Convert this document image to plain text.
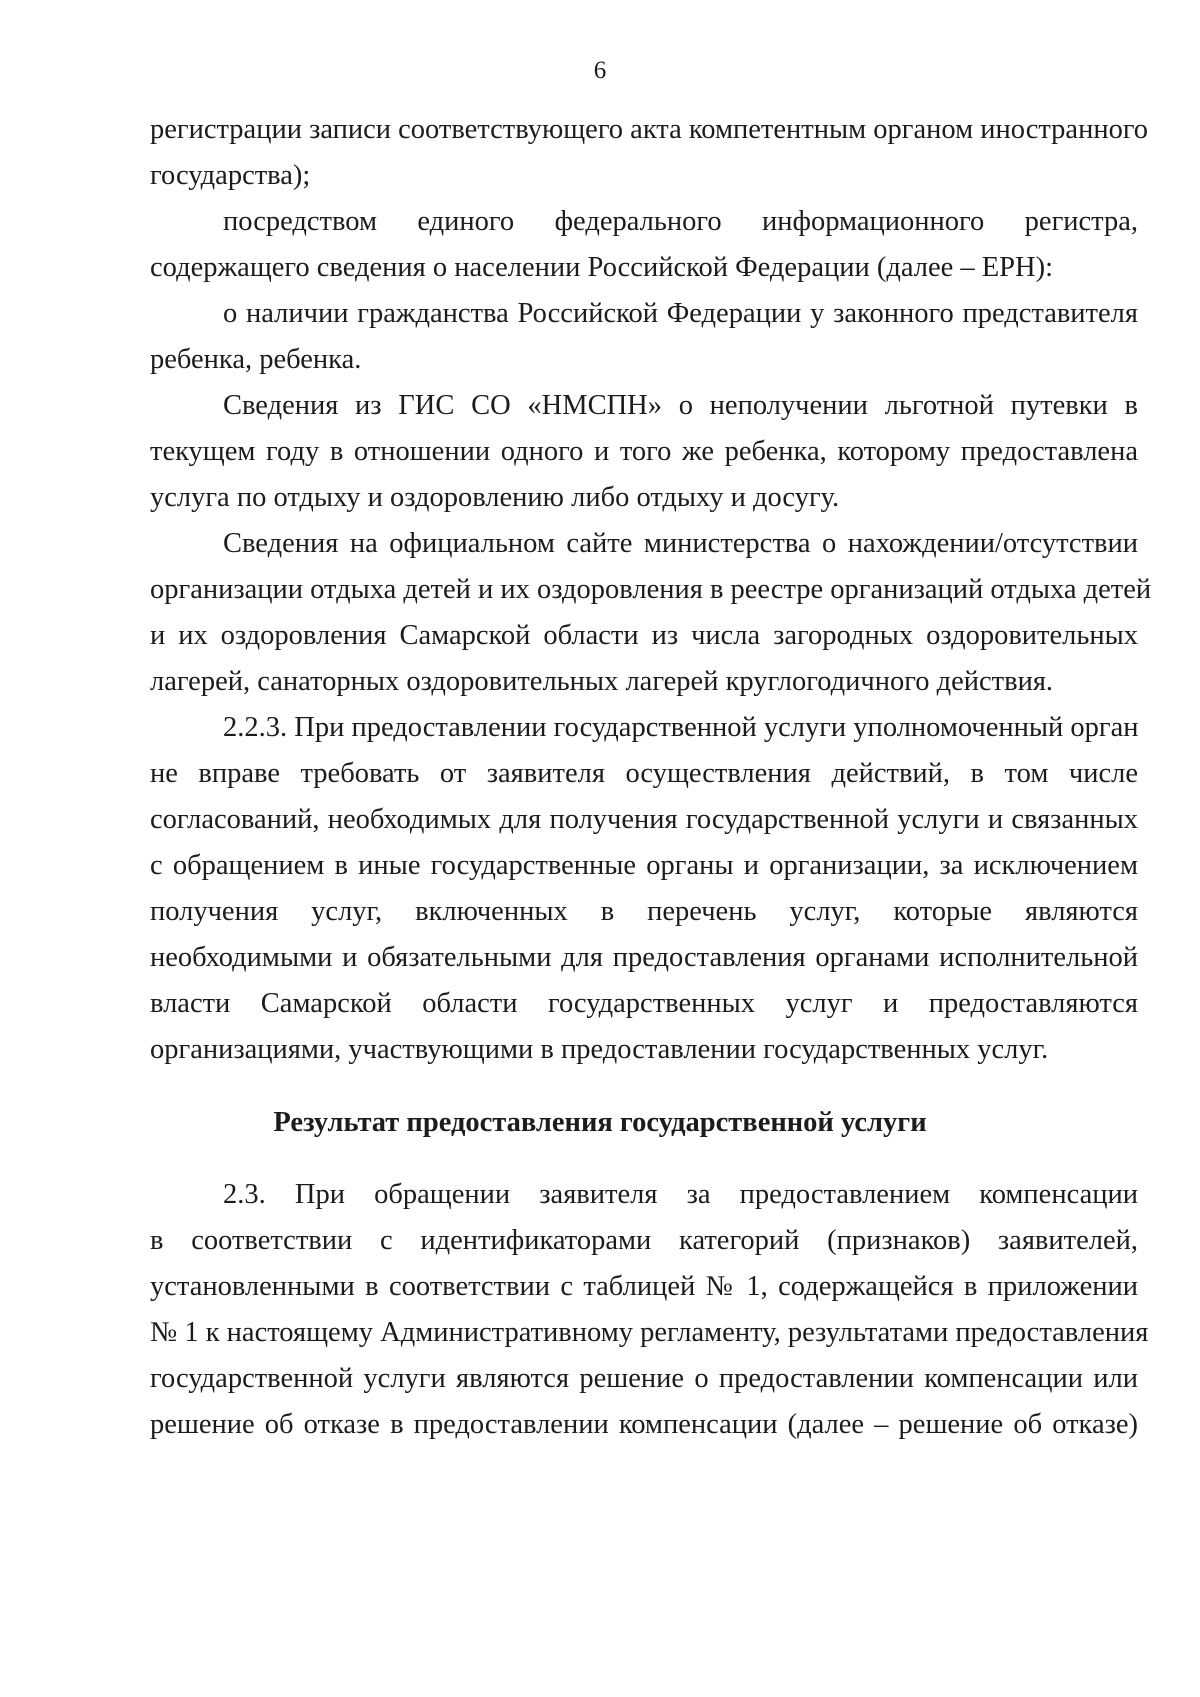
6
регистрации записи соответствующего акта компетентным органом иностранного
государства);
посредством единого федерального информационного регистра,
содержащего сведения о населении Российской Федерации (далее – ЕРН):
о наличии гражданства Российской Федерации у законного представителя
ребенка, ребенка.
Сведения из ГИС СО «НМСПН» о неполучении льготной путевки в
текущем году в отношении одного и того же ребенка, которому предоставлена
услуга по отдыху и оздоровлению либо отдыху и досугу.
Сведения на официальном сайте министерства о нахождении/отсутствии
организации отдыха детей и их оздоровления в реестре организаций отдыха детей
и их оздоровления Самарской области из числа загородных оздоровительных
лагерей, санаторных оздоровительных лагерей круглогодичного действия.
2.2.3. При предоставлении государственной услуги уполномоченный орган
не вправе требовать от заявителя осуществления действий, в том числе
согласований, необходимых для получения государственной услуги и связанных
с обращением в иные государственные органы и организации, за исключением
получения услуг, включенных в перечень услуг, которые являются
необходимыми и обязательными для предоставления органами исполнительной
власти Самарской области государственных услуг и предоставляются
организациями, участвующими в предоставлении государственных услуг.
Результат предоставления государственной услуги
2.3. При обращении заявителя за предоставлением компенсации
в соответствии с идентификаторами категорий (признаков) заявителей,
установленными в соответствии с таблицей № 1, содержащейся в приложении
№ 1 к настоящему Административному регламенту, результатами предоставления
государственной услуги являются решение о предоставлении компенсации или
решение об отказе в предоставлении компенсации (далее – решение об отказе)
